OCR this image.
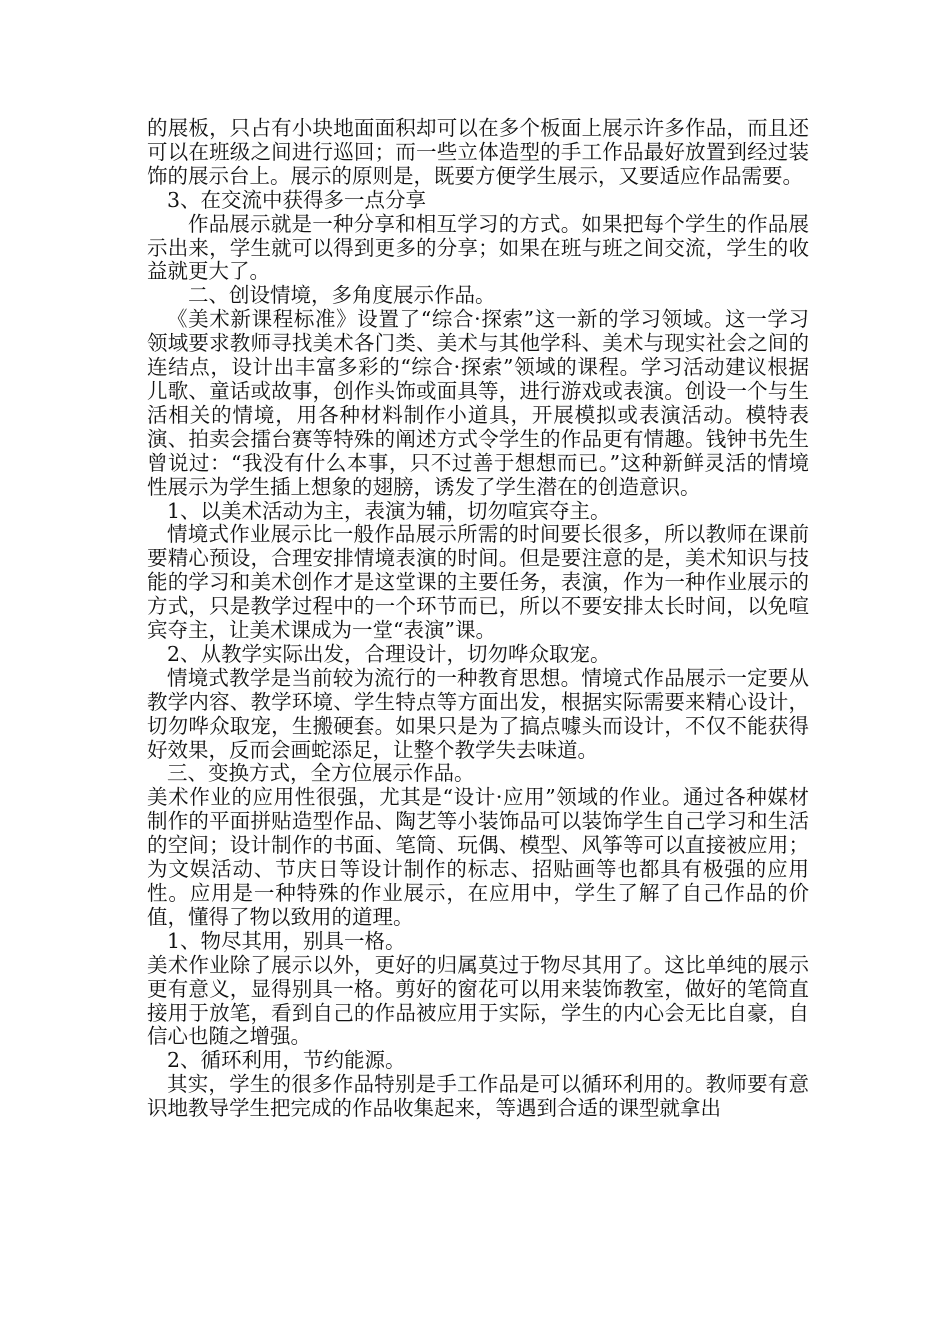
的展板，只占有小块地面面积却可以在多个板面上展示许多作品，而且还可以在班级之间进行巡回；而一些立体造型的手工作品最好放置到经过装饰的展示台上。展示的原则是，既要方便学生展示，又要适应作品需要。

3、在交流中获得多一点分享

作品展示就是一种分享和相互学习的方式。如果把每个学生的作品展示出来，学生就可以得到更多的分享；如果在班与班之间交流，学生的收益就更大了。

二、创设情境，多角度展示作品。

《美术新课程标准》设置了“综合·探索”这一新的学习领域。这一学习领域要求教师寻找美术各门类、美术与其他学科、美术与现实社会之间的连结点，设计出丰富多彩的“综合·探索”领域的课程。学习活动建议根据儿歌、童话或故事，创作头饰或面具等，进行游戏或表演。创设一个与生活相关的情境，用各种材料制作小道具，开展模拟或表演活动。模特表演、拍卖会擂台赛等特殊的阐述方式令学生的作品更有情趣。钱钟书先生曾说过：“我没有什么本事，只不过善于想想而已。”这种新鲜灵活的情境性展示为学生插上想象的翅膀，诱发了学生潜在的创造意识。

1、以美术活动为主，表演为辅，切勿喧宾夺主。

情境式作业展示比一般作品展示所需的时间要长很多，所以教师在课前要精心预设，合理安排情境表演的时间。但是要注意的是，美术知识与技能的学习和美术创作才是这堂课的主要任务，表演，作为一种作业展示的方式，只是教学过程中的一个环节而已，所以不要安排太长时间，以免喧宾夺主，让美术课成为一堂“表演”课。

2、从教学实际出发，合理设计，切勿哗众取宠。

情境式教学是当前较为流行的一种教育思想。情境式作品展示一定要从教学内容、教学环境、学生特点等方面出发，根据实际需要来精心设计，切勿哗众取宠，生搬硬套。如果只是为了搞点噱头而设计，不仅不能获得好效果，反而会画蛇添足，让整个教学失去味道。

三、变换方式，全方位展示作品。

美术作业的应用性很强，尤其是“设计·应用”领域的作业。通过各种媒材制作的平面拼贴造型作品、陶艺等小装饰品可以装饰学生自己学习和生活的空间；设计制作的书面、笔筒、玩偶、模型、风筝等可以直接被应用；为文娱活动、节庆日等设计制作的标志、招贴画等也都具有极强的应用性。应用是一种特殊的作业展示，在应用中，学生了解了自己作品的价值，懂得了物以致用的道理。

1、物尽其用，别具一格。

美术作业除了展示以外，更好的归属莫过于物尽其用了。这比单纯的展示更有意义，显得别具一格。剪好的窗花可以用来装饰教室，做好的笔筒直接用于放笔，看到自己的作品被应用于实际，学生的内心会无比自豪，自信心也随之增强。

2、循环利用，节约能源。

其实，学生的很多作品特别是手工作品是可以循环利用的。教师要有意识地教导学生把完成的作品收集起来，等遇到合适的课型就拿出
